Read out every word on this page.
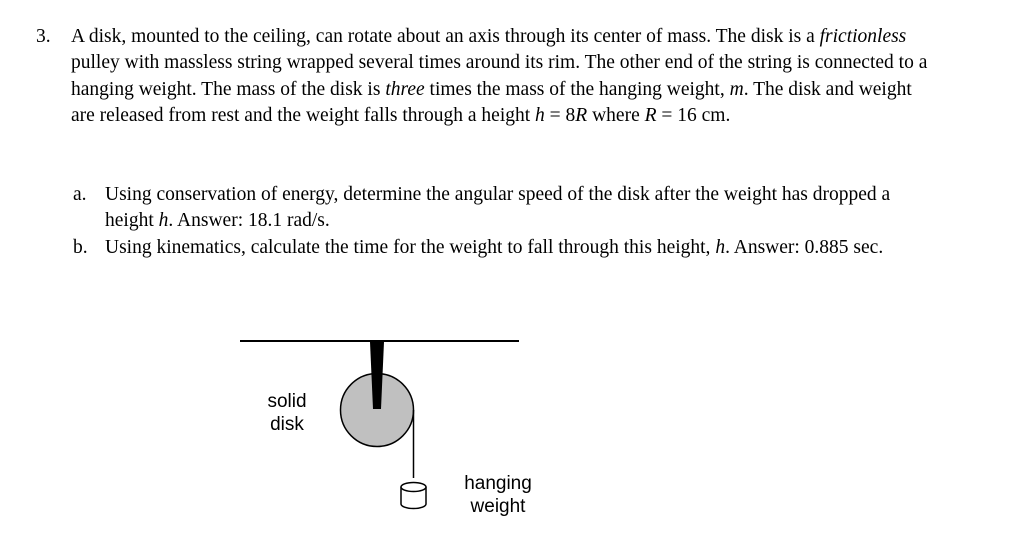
3. A disk, mounted to the ceiling, can rotate about an axis through its center of mass. The disk is a frictionless pulley with massless string wrapped several times around its rim. The other end of the string is connected to a hanging weight. The mass of the disk is three times the mass of the hanging weight, m. The disk and weight are released from rest and the weight falls through a height h = 8R where R = 16 cm.
a. Using conservation of energy, determine the angular speed of the disk after the weight has dropped a height h. Answer: 18.1 rad/s.
b. Using kinematics, calculate the time for the weight to fall through this height, h. Answer: 0.885 sec.
solid
disk
hanging
weight
